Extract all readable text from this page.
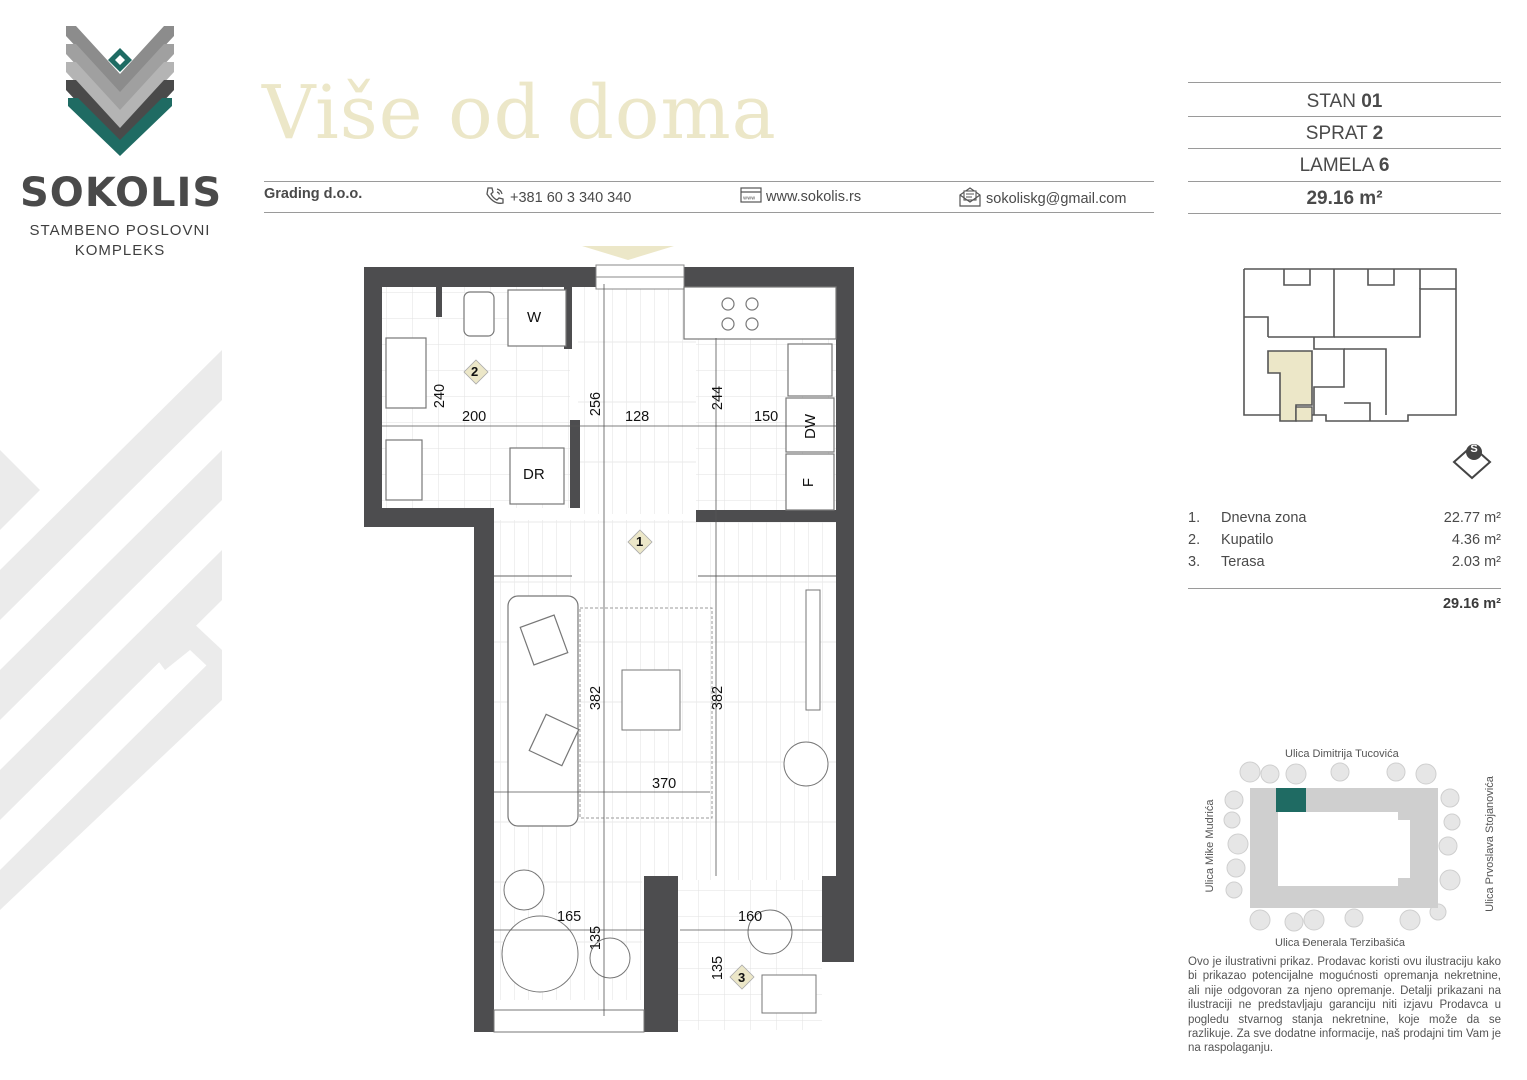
SOKOLIS
STAMBENO POSLOVNI
KOMPLEKS
Više od doma
Grading d.o.o.	+381 60 3 340 340	www www.sokolis.rs	sokoliskg@gmail.com
STAN 01
SPRAT 2
LAMELA 6
29.16 m²
S
1. Dnevna zona	22.77 m²
2. Kupatilo	4.36 m²
3. Terasa	2.03 m²
29.16 m²
Ulica Dimitrija Tucovića
Ulica Đenerala Terzibašića
Ulica Mike Mudrića	Ulica Prvoslava Stojanovića
Ovo je ilustrativni prikaz. Prodavac koristi ovu ilustraciju kako bi prikazao potencijalne mogućnosti opremanja nekretnine, ali nije odgovoran za njeno opremanje. Detalji prikazani na ilustraciji ne predstavljaju garanciju niti izjavu Prodavca u pogledu stvarnog stanja nekretnine, koje može da se razlikuje. Za sve dodatne informacije, naš prodajni tim Vam je na raspolaganju.
W
DR
DW
F
2
1
3
240
200
256
128
244
150
382	382
370
165
135
160
135
